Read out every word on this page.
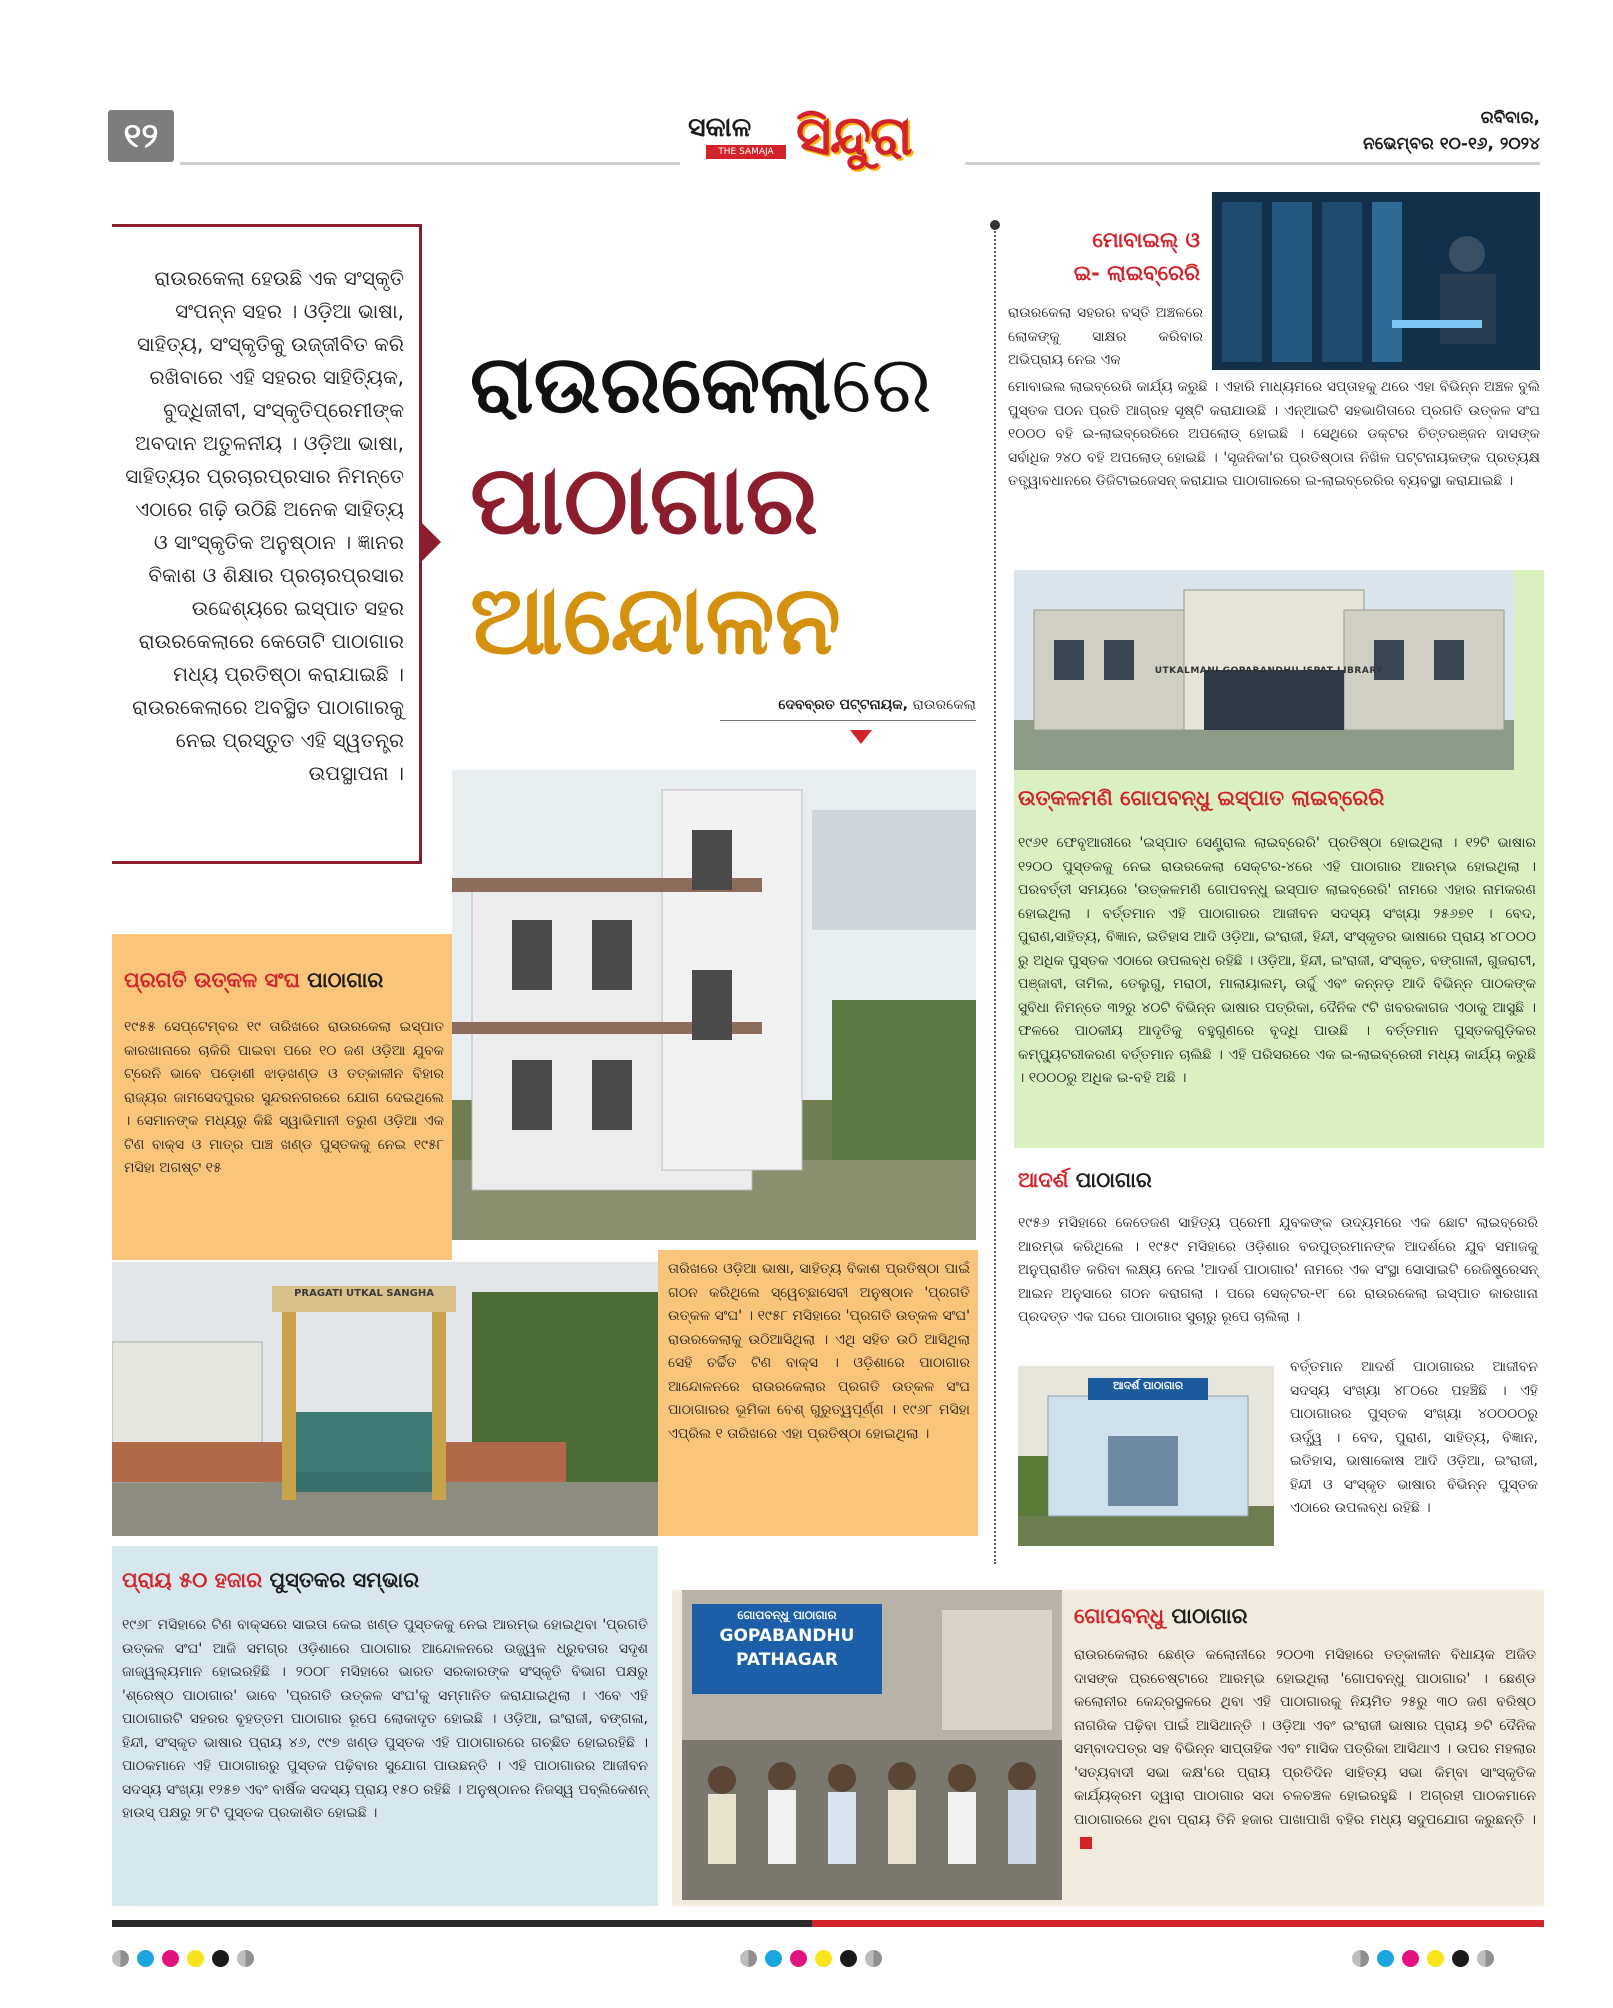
୧୨	ସକାଳ
THE SAMAJA ସିନ୍ଦୁରା	ରବିବାର,
ନଭେମ୍ବର ୧୦-୧୬, ୨୦୨୪
ରାଉରକେଲା ହେଉଛି ଏକ ସଂସ୍କୃତି ସଂପନ୍ନ ସହର । ଓଡ଼ିଆ ଭାଷା, ସାହିତ୍ୟ, ସଂସ୍କୃତିକୁ ଉଜ୍ଜୀବିତ କରି ରଖିବାରେ ଏହି ସହରର ସାହିତ୍ୟିକ, ବୁଦ୍ଧିଜୀବୀ, ସଂସ୍କୃତିପ୍ରେମୀଙ୍କ ଅବଦାନ ଅତୁଳନୀୟ । ଓଡ଼ିଆ ଭାଷା, ସାହିତ୍ୟର ପ୍ରଚାରପ୍ରସାର ନିମନ୍ତେ ଏଠାରେ ଗଢ଼ି ଉଠିଛି ଅନେକ ସାହିତ୍ୟ ଓ ସାଂସ୍କୃତିକ ଅନୁଷ୍ଠାନ । ଜ୍ଞାନର ବିକାଶ ଓ ଶିକ୍ଷାର ପ୍ରଚାରପ୍ରସାର ଉଦ୍ଦେଶ୍ୟରେ ଇସ୍ପାତ ସହର ରାଉରକେଲାରେ କେତୋଟି ପାଠାଗାର ମଧ୍ୟ ପ୍ରତିଷ୍ଠା କରାଯାଇଛି । ରାଉରକେଲାରେ ଅବସ୍ଥିତ ପାଠାଗାରକୁ ନେଇ ପ୍ରସ୍ତୁତ ଏହି ସ୍ୱତନ୍ତ୍ର ଉପସ୍ଥାପନା ।
ରାଉରକେଲାରେ
ପାଠାଗାର
ଆନ୍ଦୋଳନ
ଦେବବ୍ରତ ପଟ୍ଟନାୟକ, ରାଉରକେଲା
ମୋବାଇଲ୍ ଓ
ଇ- ଲାଇବ୍ରେରି
ରାଉରକେଲା ସହରର ବସ୍ତି ଅଞ୍ଚଳରେ ଲୋକଙ୍କୁ ସାକ୍ଷର କରିବାର ଅଭିପ୍ରାୟ ନେଇ ଏକ
ମୋବାଇଲ ଲାଇବ୍ରେରି କାର୍ଯ୍ୟ କରୁଛି । ଏହାରି ମାଧ୍ୟମରେ ସପ୍ତାହକୁ ଥରେ ଏହା ବିଭିନ୍ନ ଅଞ୍ଚଳ ବୁଲି ପୁସ୍ତକ ପଠନ ପ୍ରତି ଆଗ୍ରହ ସୃଷ୍ଟି କରାଯାଉଛି । ଏନ୍‌ଆଇଟି ସହଭାଗିତାରେ ପ୍ରଗତି ଉତ୍କଳ ସଂଘ ୧୦୦୦ ବହି ଇ-ଲାଇବ୍ରେରିରେ ଅପଲୋଡ୍ ହୋଇଛି । ସେଥିରେ ଡକ୍ଟର ଚିତ୍ତରଞ୍ଜନ ଦାସଙ୍କ ସର୍ବାଧିକ ୨୪୦ ବହି ଅପଲୋଡ୍ ହୋଇଛି । 'ସୃଜନିକା'ର ପ୍ରତିଷ୍ଠାତା ନିଖିଳ ପଟ୍ଟନାୟକଙ୍କ ପ୍ରତ୍ୟକ୍ଷ ତତ୍ତ୍ୱାବଧାନରେ ଡିଜିଟାଇଜେସନ୍ କରାଯାଇ ପାଠାଗାରରେ ଇ-ଲାଇବ୍ରେରିର ବ୍ୟବସ୍ଥା କରାଯାଇଛି ।
UTKALMANI GOPABANDHU ISPAT LIBRARY
ଉତ୍କଳମଣି ଗୋପବନ୍ଧୁ ଇସ୍ପାତ ଲାଇବ୍ରେରି
୧୯୬୧ ଫେବୃଆରୀରେ 'ଇସ୍ପାତ ସେଣ୍ଟ୍ରାଲ ଲାଇବ୍ରେରି' ପ୍ରତିଷ୍ଠା ହୋଇଥିଲା । ୧୨ଟି ଭାଷାର ୧୨୦୦ ପୁସ୍ତକକୁ ନେଇ ରାଉରକେଲା ସେକ୍ଟର-୪ରେ ଏହି ପାଠାଗାର ଆରମ୍ଭ ହୋଇଥିଲା । ପରବର୍ତ୍ତୀ ସମୟରେ 'ଉତ୍କଳମଣି ଗୋପବନ୍ଧୁ ଇସ୍ପାତ ଲାଇବ୍ରେରି' ନାମରେ ଏହାର ନାମକରଣ ହୋଇଥିଲା । ବର୍ତ୍ତମାନ ଏହି ପାଠାଗାରର ଆଜୀବନ ସଦସ୍ୟ ସଂଖ୍ୟା ୨୫୬୭୧ । ବେଦ, ପୁରାଣ,ସାହିତ୍ୟ, ବିଜ୍ଞାନ, ଇତିହାସ ଆଦି ଓଡ଼ିଆ, ଇଂରାଜୀ, ହିନ୍ଦୀ, ସଂସ୍କୃତର ଭାଷାରେ ପ୍ରାୟ ୪୮୦୦୦ ରୁ ଅଧିକ ପୁସ୍ତକ ଏଠାରେ ଉପଲବ୍ଧ ରହିଛି । ଓଡ଼ିଆ, ହିନ୍ଦୀ, ଇଂରାଜୀ, ସଂସ୍କୃତ, ବଙ୍ଗାଳୀ, ଗୁଜରାଟୀ, ପଞ୍ଜାବୀ, ତାମିଲ, ତେଲୁଗୁ, ମରାଠୀ, ମାଲାୟାଲମ୍, ଉର୍ଦ୍ଦୁ ଏବଂ କନ୍ନଡ଼ ଆଦି ବିଭିନ୍ନ ପାଠକଙ୍କ ସୁବିଧା ନିମନ୍ତେ ୩୨ରୁ ୪୦ଟି ବିଭିନ୍ନ ଭାଷାର ପତ୍ରିକା, ଦୈନିକ ୯ଟି ଖବରକାଗଜ ଏଠାକୁ ଆସୁଛି । ଫଳରେ ପାଠକୀୟ ଆଦୃତିକୁ ବହୁଗୁଣରେ ବୃଦ୍ଧି ପାଉଛି । ବର୍ତ୍ତମାନ ପୁସ୍ତକଗୁଡ଼ିକର କମ୍ପ୍ୟୁଟରୀକରଣ ବର୍ତ୍ତମାନ ଚାଲିଛି । ଏହି ପରିସରରେ ଏକ ଇ-ଲାଇବ୍ରେରୀ ମଧ୍ୟ କାର୍ଯ୍ୟ କରୁଛି । ୧୦୦୦ରୁ ଅଧିକ ଇ-ବହି ଅଛି ।
ଆଦର୍ଶ ପାଠାଗାର
୧୯୫୬ ମସିହାରେ କେତେଜଣ ସାହିତ୍ୟ ପ୍ରେମୀ ଯୁବକଙ୍କ ଉଦ୍ୟମରେ ଏକ ଛୋଟ ଲାଇବ୍ରେରି ଆରମ୍ଭ କରିଥିଲେ । ୧୯୫୯ ମସିହାରେ ଓଡ଼ିଶାର ବରପୁତ୍ରମାନଙ୍କ ଆଦର୍ଶରେ ଯୁବ ସମାଜକୁ ଅନୁପ୍ରାଣିତ କରିବା ଲକ୍ଷ୍ୟ ନେଇ 'ଆଦର୍ଶ ପାଠାଗାର' ନାମରେ ଏକ ସଂସ୍ଥା ସୋସାଇଟି ରେଜିଷ୍ଟ୍ରେସନ୍ ଆଇନ ଅନୁସାରେ ଗଠନ କରାଗଲା । ପରେ ସେକ୍ଟର-୧୮ ରେ ରାଉରକେଲା ଇସ୍ପାତ କାରଖାନା ପ୍ରଦତ୍ତ ଏକ ଘରେ ପାଠାଗାର ସୁଚାରୁ ରୂପେ ଚାଲିଲା ।
ଆଦର୍ଶ ପାଠାଗାର
ବର୍ତ୍ତମାନ ଆଦର୍ଶ ପାଠାଗାରର ଆଜୀବନ ସଦସ୍ୟ ସଂଖ୍ୟା ୪୮୦ରେ ପହଞ୍ଚିଛି । ଏହି ପାଠାଗାରର ପୁସ୍ତକ ସଂଖ୍ୟା ୪୦୦୦୦ରୁ ଊର୍ଦ୍ଧ୍ୱ । ବେଦ, ପୁରାଣ, ସାହିତ୍ୟ, ବିଜ୍ଞାନ, ଇତିହାସ, ଭାଷାକୋଷ ଆଦି ଓଡ଼ିଆ, ଇଂରାଜୀ, ହିନ୍ଦୀ ଓ ସଂସ୍କୃତ ଭାଷାର ବିଭିନ୍ନ ପୁସ୍ତକ ଏଠାରେ ଉପଲବ୍ଧ ରହିଛି ।
ପ୍ରଗତି ଉତ୍କଳ ସଂଘ ପାଠାଗାର
୧୯୫୫ ସେପ୍ଟେମ୍ବର ୧୯ ତାରିଖରେ ରାଉରକେଲା ଇସ୍ପାତ କାରଖାନାରେ ଚାକିରି ପାଇବା ପରେ ୧୦ ଜଣ ଓଡ଼ିଆ ଯୁବକ ଟ୍ରେନି ଭାବେ ପଡ଼ୋଶୀ ଝାଡ଼ଖଣ୍ଡ ଓ ତତ୍କାଳୀନ ବିହାର ରାଜ୍ୟର ଜାମସେଦପୁରର ସୁନ୍ଦରନଗରରେ ଯୋଗ ଦେଇଥିଲେ । ସେମାନଙ୍କ ମଧ୍ୟରୁ କିଛି ସ୍ୱାଭିମାନୀ ତରୁଣ ଓଡ଼ିଆ ଏକ ଟିଣ ବାକ୍ସ ଓ ମାତ୍ର ପାଞ୍ଚ ଖଣ୍ଡ ପୁସ୍ତକକୁ ନେଇ ୧୯୫୮ ମସିହା ଅଗଷ୍ଟ ୧୫
PRAGATI UTKAL SANGHA
ତାରିଖରେ ଓଡ଼ିଆ ଭାଷା, ସାହିତ୍ୟ ବିକାଶ ପ୍ରତିଷ୍ଠା ପାଇଁ ଗଠନ କରିଥିଲେ ସ୍ୱେଚ୍ଛାସେବୀ ଅନୁଷ୍ଠାନ 'ପ୍ରଗତି ଉତ୍କଳ ସଂଘ' । ୧୯୫୮ ମସିହାରେ 'ପ୍ରଗତି ଉତ୍କଳ ସଂଘ' ରାଉରକେଲାକୁ ଉଠିଆସିଥିଲା । ଏଥି ସହିତ ଉଠି ଆସିଥିଲା ସେହି ଚର୍ଚ୍ଚିତ ଟିଣ ବାକ୍ସ । ଓଡ଼ିଶାରେ ପାଠାଗାର ଆନ୍ଦୋଳନରେ ରାଉରକେଲାର ପ୍ରଗତି ଉତ୍କଳ ସଂଘ ପାଠାଗାରର ଭୂମିକା ବେଶ୍ ଗୁରୁତ୍ୱପୂର୍ଣ୍ଣ । ୧୯୬୮ ମସିହା ଏପ୍ରିଲ ୧ ତାରିଖରେ ଏହା ପ୍ରତିଷ୍ଠା ହୋଇଥିଲା ।
ପ୍ରାୟ ୫୦ ହଜାର ପୁସ୍ତକର ସମ୍ଭାର
୧୯୬୮ ମସିହାରେ ଟିଣ ବାକ୍ସରେ ସାଇତା କେଇ ଖଣ୍ଡ ପୁସ୍ତକକୁ ନେଇ ଆରମ୍ଭ ହୋଇଥିବା 'ପ୍ରଗତି ଉତ୍କଳ ସଂଘ' ଆଜି ସମଗ୍ର ଓଡ଼ିଶାରେ ପାଠାଗାର ଆନ୍ଦୋଳନରେ ଉଜ୍ଜ୍ୱଳ ଧ୍ରୁବତାର ସଦୃଶ ଜାଜ୍ୱଲ୍ୟମାନ ହୋଇରହିଛି । ୨୦୦୮ ମସିହାରେ ଭାରତ ସରକାରଙ୍କ ସଂସ୍କୃତି ବିଭାଗ ପକ୍ଷରୁ 'ଶ୍ରେଷ୍ଠ ପାଠାଗାର' ଭାବେ 'ପ୍ରଗତି ଉତ୍କଳ ସଂଘ'କୁ ସମ୍ମାନିତ କରାଯାଇଥିଲା । ଏବେ ଏହି ପାଠାଗାରଟି ସହରର ବୃହତ୍ତମ ପାଠାଗାର ରୂପେ ଲୋକାଦୃତ ହୋଇଛି । ଓଡ଼ିଆ, ଇଂରାଜୀ, ବଙ୍ଗଳା, ହିନ୍ଦୀ, ସଂସ୍କୃତ ଭାଷାର ପ୍ରାୟ ୪୬, ୯୯୭ ଖଣ୍ଡ ପୁସ୍ତକ ଏହି ପାଠାଗାରରେ ଗଚ୍ଛିତ ହୋଇରହିଛି । ପାଠକମାନେ ଏହି ପାଠାଗାରରୁ ପୁସ୍ତକ ପଢ଼ିବାର ସୁଯୋଗ ପାଉଛନ୍ତି । ଏହି ପାଠାଗାରର ଆଜୀବନ ସଦସ୍ୟ ସଂଖ୍ୟା ୧୨୫୭ ଏବଂ ବାର୍ଷିକ ସଦସ୍ୟ ପ୍ରାୟ ୧୫୦ ରହିଛି । ଅନୁଷ୍ଠାନର ନିଜସ୍ୱ ପବ୍ଲିକେଶନ୍ ହାଉସ୍ ପକ୍ଷରୁ ୨୮ଟି ପୁସ୍ତକ ପ୍ରକାଶିତ ହୋଇଛି ।
ଗୋପବନ୍ଧୁ ପାଠାଗାର
GOPABANDHU
PATHAGAR
ଗୋପବନ୍ଧୁ ପାଠାଗାର
ରାଉରକେଲାର ଛେଣ୍ଡ କଲୋନୀରେ ୨୦୦୩ ମସିହାରେ ତତ୍କାଳୀନ ବିଧାୟକ ଅଜିତ ଦାସଙ୍କ ପ୍ରଚେଷ୍ଟାରେ ଆରମ୍ଭ ହୋଇଥିଲା 'ଗୋପବନ୍ଧୁ ପାଠାଗାର' । ଛେଣ୍ଡ କଲୋନୀର କେନ୍ଦ୍ରସ୍ଥଳରେ ଥିବା ଏହି ପାଠାଗାରକୁ ନିୟମିତ ୨୫ରୁ ୩୦ ଜଣ ବରିଷ୍ଠ ନାଗରିକ ପଢ଼ିବା ପାଇଁ ଆସିଥାନ୍ତି । ଓଡ଼ିଆ ଏବଂ ଇଂରାଜୀ ଭାଷାର ପ୍ରାୟ ୭ଟି ଦୈନିକ ସମ୍ବାଦପତ୍ର ସହ ବିଭିନ୍ନ ସାପ୍ତାହିକ ଏବଂ ମାସିକ ପତ୍ରିକା ଆସିଥାଏ । ଉପର ମହଲାର 'ସତ୍ୟବାଦୀ ସଭା କକ୍ଷ'ରେ ପ୍ରାୟ ପ୍ରତିଦିନ ସାହିତ୍ୟ ସଭା କିମ୍ବା ସାଂସ୍କୃତିକ କାର୍ଯ୍ୟକ୍ରମ ଦ୍ୱାରା ପାଠାଗାର ସଦା ଚଳଚଞ୍ଚଳ ହୋଇରହୁଛି । ଅଗ୍ରହୀ ପାଠକମାନେ ପାଠାଗାରରେ ଥିବା ପ୍ରାୟ ତିନି ହଜାର ପାଖାପାଖି ବହିର ମଧ୍ୟ ସଦୁପଯୋଗ କରୁଛନ୍ତି ।
